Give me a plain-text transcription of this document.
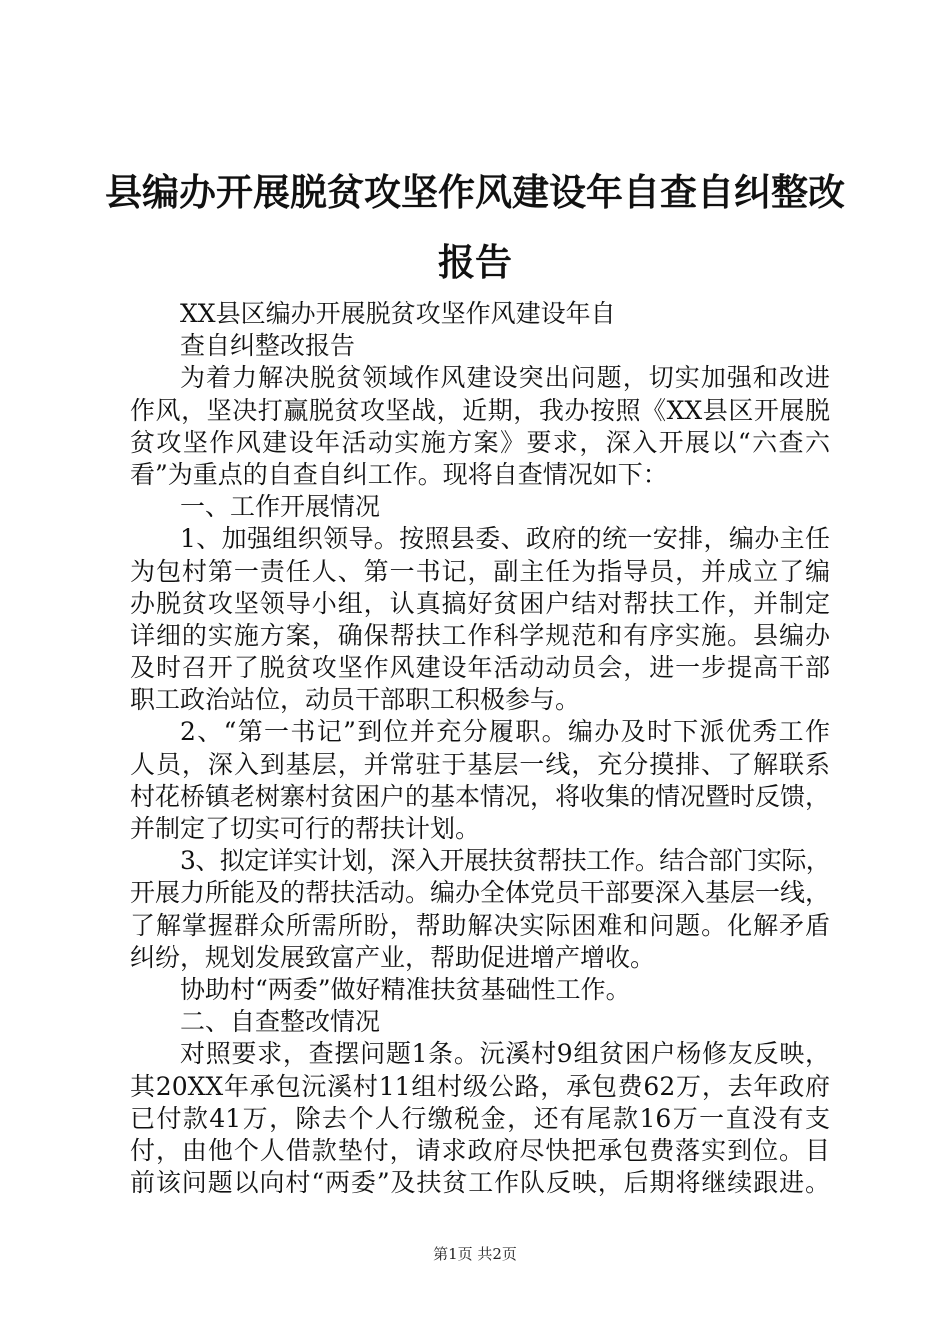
县编办开展脱贫攻坚作风建设年自查自纠整改
报告
XX县区编办开展脱贫攻坚作风建设年自
查自纠整改报告
为着力解决脱贫领域作风建设突出问题，切实加强和改进
作风，坚决打赢脱贫攻坚战，近期，我办按照《XX县区开展脱
贫攻坚作风建设年活动实施方案》要求，深入开展以“六查六
看”为重点的自查自纠工作。现将自查情况如下：
一、工作开展情况
1、加强组织领导。按照县委、政府的统一安排，编办主任
为包村第一责任人、第一书记，副主任为指导员，并成立了编
办脱贫攻坚领导小组，认真搞好贫困户结对帮扶工作，并制定
详细的实施方案，确保帮扶工作科学规范和有序实施。县编办
及时召开了脱贫攻坚作风建设年活动动员会，进一步提高干部
职工政治站位，动员干部职工积极参与。
2、“第一书记”到位并充分履职。编办及时下派优秀工作
人员，深入到基层，并常驻于基层一线，充分摸排、了解联系
村花桥镇老树寨村贫困户的基本情况，将收集的情况暨时反馈，
并制定了切实可行的帮扶计划。
3、拟定详实计划，深入开展扶贫帮扶工作。结合部门实际，
开展力所能及的帮扶活动。编办全体党员干部要深入基层一线，
了解掌握群众所需所盼，帮助解决实际困难和问题。化解矛盾
纠纷，规划发展致富产业，帮助促进增产增收。
协助村“两委”做好精准扶贫基础性工作。
二、自查整改情况
对照要求，查摆问题1条。沅溪村9组贫困户杨修友反映，
其20XX年承包沅溪村11组村级公路，承包费62万，去年政府
已付款41万，除去个人行缴税金，还有尾款16万一直没有支
付，由他个人借款垫付，请求政府尽快把承包费落实到位。目
前该问题以向村“两委”及扶贫工作队反映，后期将继续跟进。
第1页 共2页
